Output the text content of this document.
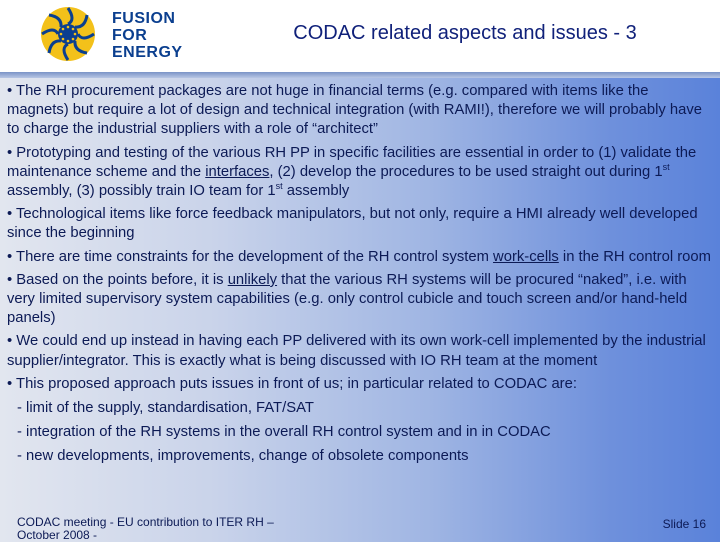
FUSION
FOR
ENERGY
CODAC related aspects and issues - 3
• The RH procurement packages are not huge in financial terms (e.g. compared with items like the magnets) but require a lot of design and technical integration (with RAMI!), therefore we will probably have to charge the industrial suppliers with a role of “architect”
• Prototyping and testing of the various RH PP in specific facilities are essential in order to (1) validate the maintenance scheme and the interfaces, (2) develop the procedures to be used straight out during 1st assembly, (3) possibly train IO team for 1st assembly
• Technological items like force feedback manipulators, but not only, require a HMI already well developed since the beginning
• There are time constraints for the development of the RH control system work-cells in the RH control room
• Based on the points before, it is unlikely that the various RH systems will be procured “naked”, i.e. with very limited supervisory system capabilities (e.g. only control cubicle and touch screen and/or hand-held panels)
• We could end up instead in having each PP delivered with its own work-cell implemented by the industrial supplier/integrator. This is exactly what is being discussed with IO RH team at the moment
• This proposed approach puts issues in front of us; in particular related to CODAC are:
- limit of the supply, standardisation, FAT/SAT
- integration of the RH systems in the overall RH control system and in in CODAC
- new developments, improvements, change of obsolete components
CODAC meeting - EU contribution to ITER RH –
October 2008 -
Slide 16
